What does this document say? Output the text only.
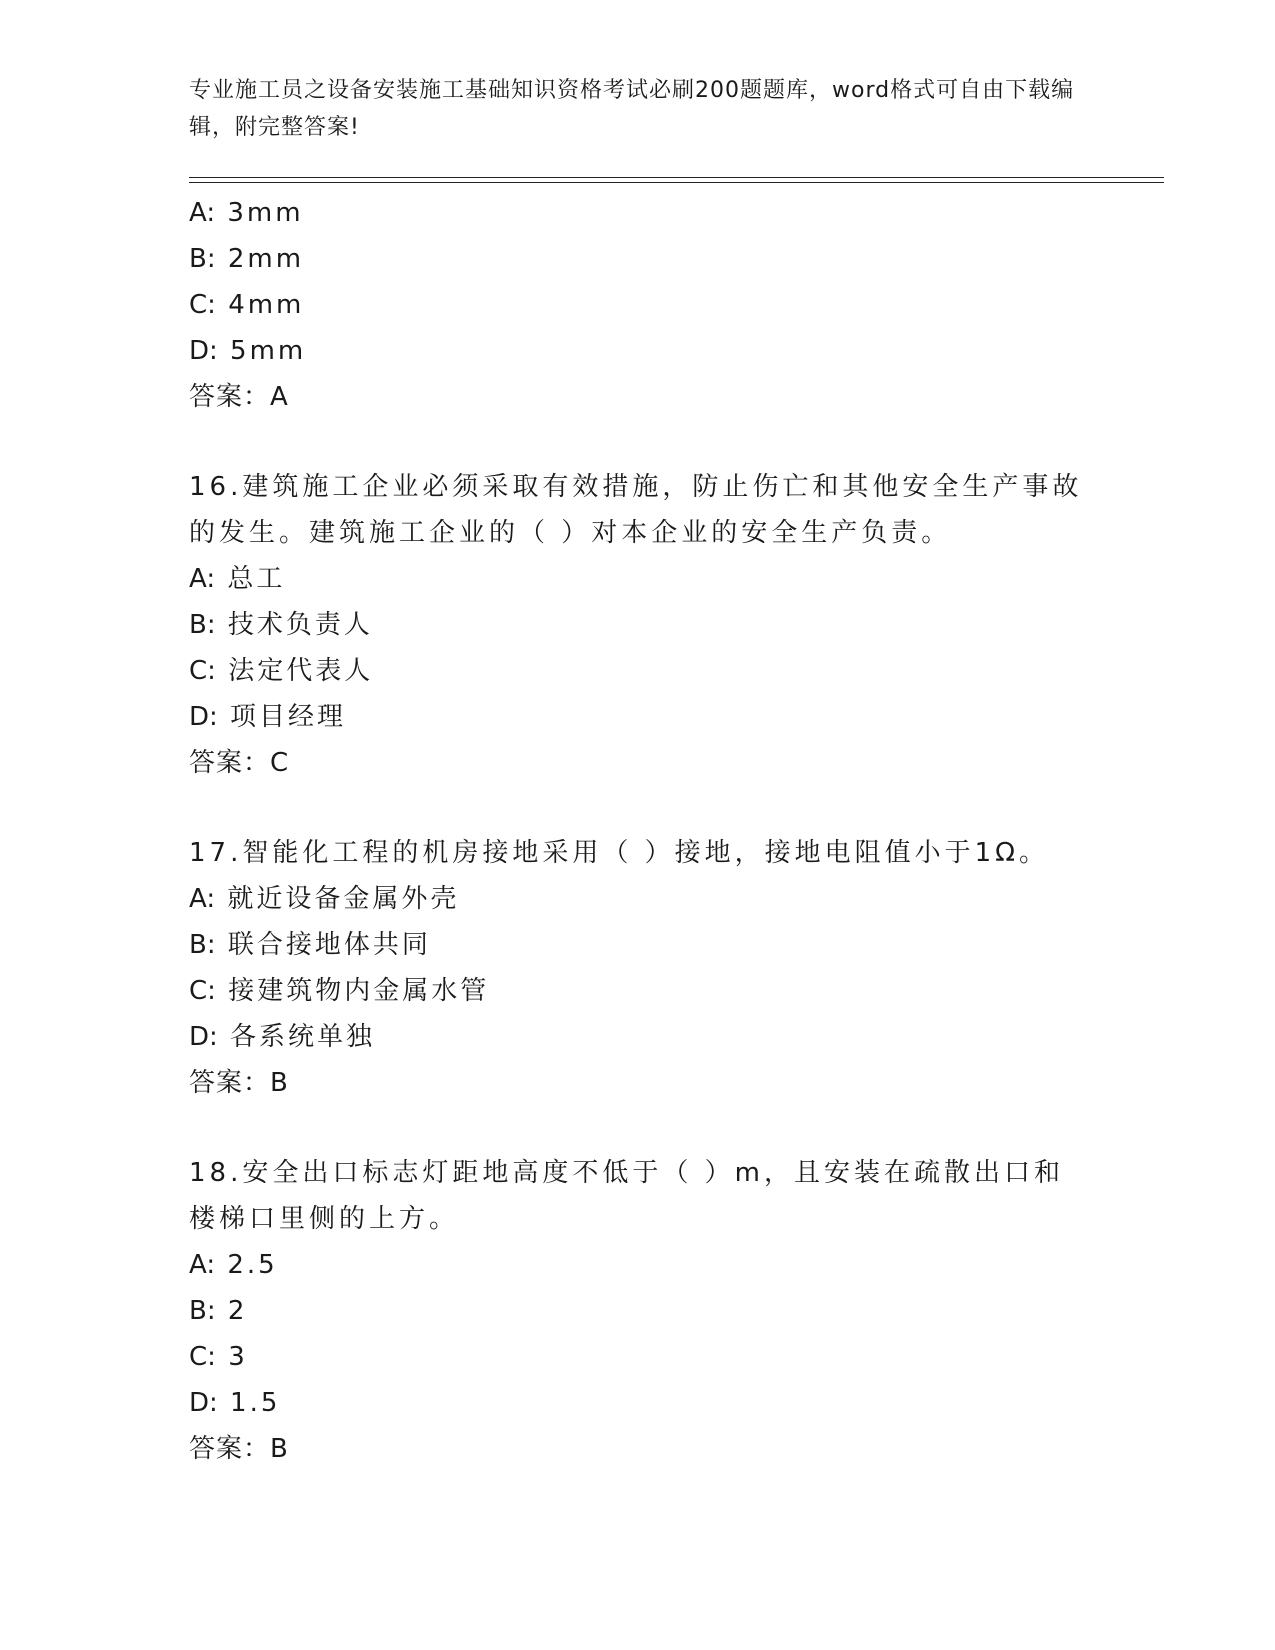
专业施工员之设备安装施工基础知识资格考试必刷200题题库，word格式可自由下载编辑，附完整答案!
A: 3mm
B: 2mm
C: 4mm
D: 5mm
答案：A
16.建筑施工企业必须采取有效措施，防止伤亡和其他安全生产事故的发生。建筑施工企业的（ ）对本企业的安全生产负责。
A: 总工
B: 技术负责人
C: 法定代表人
D: 项目经理
答案：C
17.智能化工程的机房接地采用（ ）接地，接地电阻值小于1Ω。
A: 就近设备金属外壳
B: 联合接地体共同
C: 接建筑物内金属水管
D: 各系统单独
答案：B
18.安全出口标志灯距地高度不低于（ ）m，且安装在疏散出口和楼梯口里侧的上方。
A: 2.5
B: 2
C: 3
D: 1.5
答案：B
